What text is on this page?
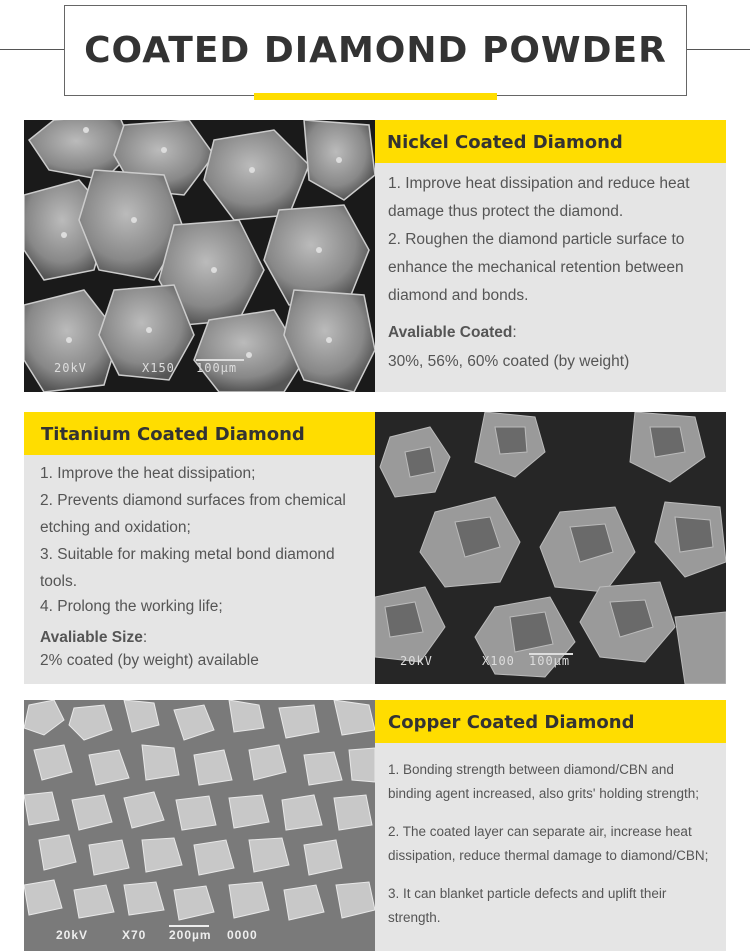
COATED DIAMOND POWDER
20kV	X150 100µm
Nickel Coated Diamond

1. Improve heat dissipation and reduce heat damage thus protect the diamond.

2. Roughen the diamond particle surface to enhance the mechanical retention between diamond and bonds.

Avaliable Coated:

30%, 56%, 60% coated (by weight)

Titanium Coated Diamond

1. Improve the heat dissipation;

2. Prevents diamond surfaces from chemical etching and oxidation;

3. Suitable for making metal bond diamond tools.

4. Prolong the working life;

Avaliable Size:

2% coated (by weight) available	20kV	X100 100µm
20kV	X70 200µm 0000
Copper Coated Diamond

1. Bonding strength between diamond/CBN and binding agent increased, also grits' holding strength;

2. The coated layer can separate air, increase heat dissipation, reduce thermal damage to diamond/CBN;

3. It can blanket particle defects and uplift their strength.
